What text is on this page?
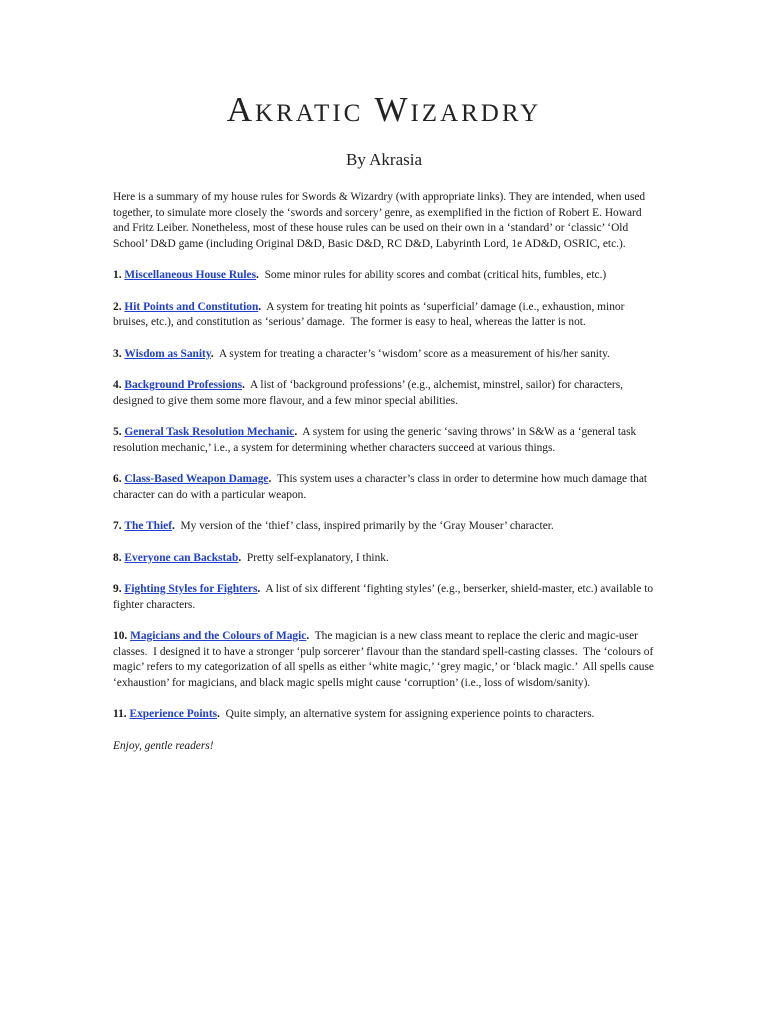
Akratic Wizardry
By Akrasia

Here is a summary of my house rules for Swords & Wizardry (with appropriate links). They are intended, when used together, to simulate more closely the ‘swords and sorcery’ genre, as exemplified in the fiction of Robert E. Howard and Fritz Leiber. Nonetheless, most of these house rules can be used on their own in a ‘standard’ or ‘classic’ ‘Old School’ D&D game (including Original D&D, Basic D&D, RC D&D, Labyrinth Lord, 1e AD&D, OSRIC, etc.).

1. Miscellaneous House Rules.  Some minor rules for ability scores and combat (critical hits, fumbles, etc.)

2. Hit Points and Constitution.  A system for treating hit points as ‘superficial’ damage (i.e., exhaustion, minor bruises, etc.), and constitution as ‘serious’ damage.  The former is easy to heal, whereas the latter is not.

3. Wisdom as Sanity.  A system for treating a character’s ‘wisdom’ score as a measurement of his/her sanity.

4. Background Professions.  A list of ‘background professions’ (e.g., alchemist, minstrel, sailor) for characters, designed to give them some more flavour, and a few minor special abilities.

5. General Task Resolution Mechanic.  A system for using the generic ‘saving throws’ in S&W as a ‘general task resolution mechanic,’ i.e., a system for determining whether characters succeed at various things.

6. Class-Based Weapon Damage.  This system uses a character’s class in order to determine how much damage that character can do with a particular weapon.

7. The Thief.  My version of the ‘thief’ class, inspired primarily by the ‘Gray Mouser’ character.

8. Everyone can Backstab.  Pretty self-explanatory, I think.

9. Fighting Styles for Fighters.  A list of six different ‘fighting styles’ (e.g., berserker, shield-master, etc.) available to fighter characters.

10. Magicians and the Colours of Magic.  The magician is a new class meant to replace the cleric and magic-user classes.  I designed it to have a stronger ‘pulp sorcerer’ flavour than the standard spell-casting classes.  The ‘colours of magic’ refers to my categorization of all spells as either ‘white magic,’ ‘grey magic,’ or ‘black magic.’  All spells cause ‘exhaustion’ for magicians, and black magic spells might cause ‘corruption’ (i.e., loss of wisdom/sanity).

11. Experience Points.  Quite simply, an alternative system for assigning experience points to characters.

Enjoy, gentle readers!
